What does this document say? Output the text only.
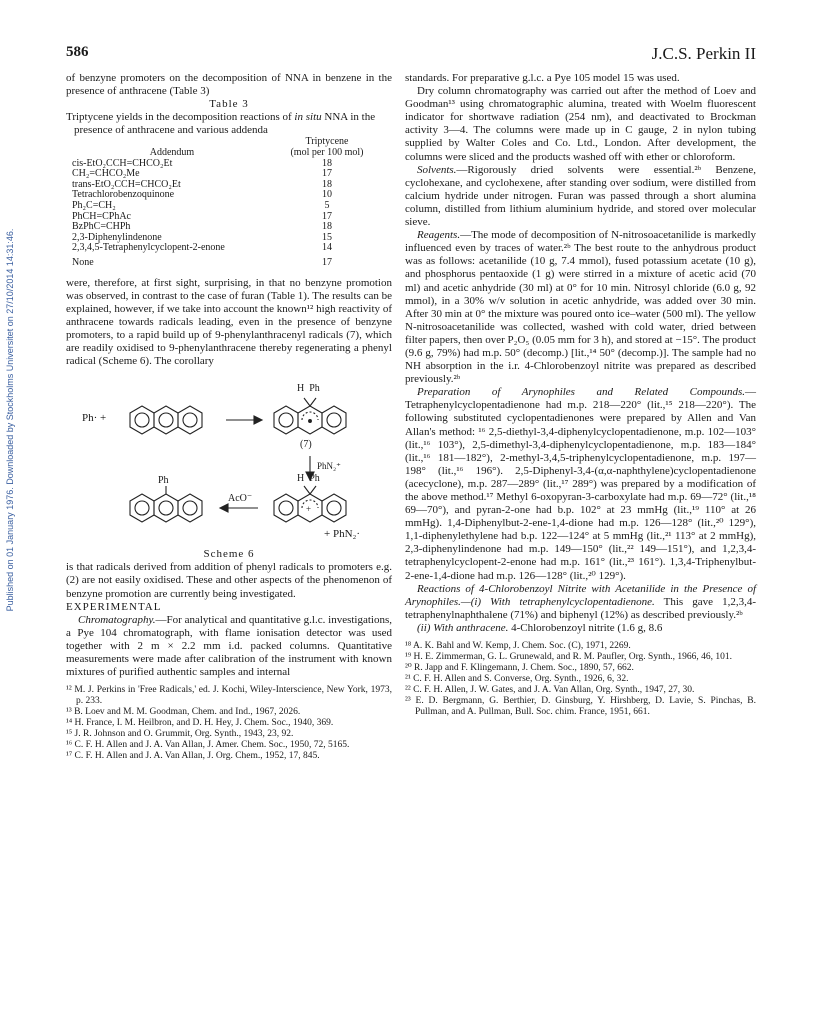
586	J.C.S. Perkin II
Published on 01 January 1976. Downloaded by Stockholms Universitet on 27/10/2014 14:31:46.

of benzyne promoters on the decomposition of NNA in benzene in the presence of anthracene (Table 3)

Table 3

Triptycene yields in the decomposition reactions of in situ NNA in the presence of anthracene and various addenda

	Triptycene
Addendum	(mol per 100 mol)
cis-EtO₂CCH=CHCO₂Et	18
CH₂=CHCO₂Me	17
trans-EtO₂CCH=CHCO₂Et	18
Tetrachlorobenzoquinone	10
Ph₂C=CH₂	5
PhCH=CPhAc	17
BzPhC=CHPh	18
2,3-Diphenylindenone	15
2,3,4,5-Tetraphenylcyclopent-2-enone	14
None	17

were, therefore, at first sight, surprising, in that no benzyne promotion was observed, in contrast to the case of furan (Table 1). The results can be explained, however, if we take into account the known¹² high reactivity of anthracene towards radicals leading, even in the presence of benzyne promoters, to a rapid build up of 9-phenylanthracenyl radicals (7), which are readily oxidised to 9-phenylanthracene thereby regenerating a phenyl radical (Scheme 6). The corollary

+
Ph· +
H  Ph
(7)
PhN₂⁺
H  Ph
Ph
AcO⁻
+ PhN₂·

Scheme 6

is that radicals derived from addition of phenyl radicals to promoters e.g. (2) are not easily oxidised. These and other aspects of the phenomenon of benzyne promotion are currently being investigated.

EXPERIMENTAL

Chromatography.—For analytical and quantitative g.l.c. investigations, a Pye 104 chromatograph, with flame ionisation detector was used together with 2 m × 2.2 mm i.d. packed columns. Quantitative measurements were made after calibration of the instrument with known mixtures of purified authentic samples and internal

¹² M. J. Perkins in 'Free Radicals,' ed. J. Kochi, Wiley-Interscience, New York, 1973, p. 233.

¹³ B. Loev and M. M. Goodman, Chem. and Ind., 1967, 2026.

¹⁴ H. France, I. M. Heilbron, and D. H. Hey, J. Chem. Soc., 1940, 369.

¹⁵ J. R. Johnson and O. Grummit, Org. Synth., 1943, 23, 92.

¹⁶ C. F. H. Allen and J. A. Van Allan, J. Amer. Chem. Soc., 1950, 72, 5165.

¹⁷ C. F. H. Allen and J. A. Van Allan, J. Org. Chem., 1952, 17, 845.

standards. For preparative g.l.c. a Pye 105 model 15 was used.

Dry column chromatography was carried out after the method of Loev and Goodman¹³ using chromatographic alumina, treated with Woelm fluorescent indicator for shortwave radiation (254 nm), and deactivated to Brockman activity 3—4. The columns were made up in C gauge, 2 in nylon tubing supplied by Walter Coles and Co. Ltd., London. After development, the columns were sliced and the products washed off with ether or chloroform.

Solvents.—Rigorously dried solvents were essential.²ᵇ Benzene, cyclohexane, and cyclohexene, after standing over sodium, were distilled from calcium hydride under nitrogen. Furan was passed through a short alumina column, distilled from lithium aluminium hydride, and stored over molecular sieve.

Reagents.—The mode of decomposition of N-nitrosoacetanilide is markedly influenced even by traces of water.²ᵇ The best route to the anhydrous product was as follows: acetanilide (10 g, 7.4 mmol), fused potassium acetate (10 g), and phosphorus pentaoxide (1 g) were stirred in a mixture of acetic acid (70 ml) and acetic anhydride (30 ml) at 0° for 10 min. Nitrosyl chloride (6.0 g, 92 mmol), in a 30% w/v solution in acetic anhydride, was added over 30 min. After 30 min at 0° the mixture was poured onto ice–water (500 ml). The yellow N-nitrosoacetanilide was collected, washed with cold water, dried between filter papers, then over P₂O₅ (0.05 mm for 3 h), and stored at −15°. The product (9.6 g, 79%) had m.p. 50° (decomp.) [lit.,¹⁴ 50° (decomp.)]. The sample had no NH absorption in the i.r. 4-Chlorobenzoyl nitrite was prepared as described previously.²ᵇ

Preparation of Arynophiles and Related Compounds.—Tetraphenylcyclopentadienone had m.p. 218—220° (lit.,¹⁵ 218—220°). The following substituted cyclopentadienones were prepared by Allen and Van Allan's method: ¹⁶ 2,5-diethyl-3,4-diphenylcyclopentadienone, m.p. 102—103° (lit.,¹⁶ 103°), 2,5-dimethyl-3,4-diphenylcyclopentadienone, m.p. 183—184° (lit.,¹⁶ 181—182°), 2-methyl-3,4,5-triphenylcyclopentadienone, m.p. 197—198° (lit.,¹⁶ 196°). 2,5-Diphenyl-3,4-(α,α-naphthylene)cyclopentadienone (acecyclone), m.p. 287—289° (lit.,¹⁷ 289°) was prepared by a modification of the above method.¹⁷ Methyl 6-oxopyran-3-carboxylate had m.p. 69—72° (lit.,¹⁸ 69—70°), and pyran-2-one had b.p. 102° at 23 mmHg (lit.,¹⁹ 110° at 26 mmHg). 1,4-Diphenylbut-2-ene-1,4-dione had m.p. 126—128° (lit.,²⁰ 129°), 1,1-diphenylethylene had b.p. 122—124° at 5 mmHg (lit.,²¹ 113° at 2 mmHg), 2,3-diphenylindenone had m.p. 149—150° (lit.,²² 149—151°), and 1,2,3,4-tetraphenylcyclopent-2-enone had m.p. 161° (lit.,²³ 161°). 1,3,4-Triphenylbut-2-ene-1,4-dione had m.p. 126—128° (lit.,²⁰ 129°).

Reactions of 4-Chlorobenzoyl Nitrite with Acetanilide in the Presence of Arynophiles.—(i) With tetraphenylcyclopentadienone. This gave 1,2,3,4-tetraphenylnaphthalene (71%) and biphenyl (12%) as described previously.²ᵇ

(ii) With anthracene. 4-Chlorobenzoyl nitrite (1.6 g, 8.6

¹⁸ A. K. Bahl and W. Kemp, J. Chem. Soc. (C), 1971, 2269.

¹⁹ H. E. Zimmerman, G. L. Grunewald, and R. M. Paufler, Org. Synth., 1966, 46, 101.

²⁰ R. Japp and F. Klingemann, J. Chem. Soc., 1890, 57, 662.

²¹ C. F. H. Allen and S. Converse, Org. Synth., 1926, 6, 32.

²² C. F. H. Allen, J. W. Gates, and J. A. Van Allan, Org. Synth., 1947, 27, 30.

²³ E. D. Bergmann, G. Berthier, D. Ginsburg, Y. Hirshberg, D. Lavie, S. Pinchas, B. Pullman, and A. Pullman, Bull. Soc. chim. France, 1951, 661.
